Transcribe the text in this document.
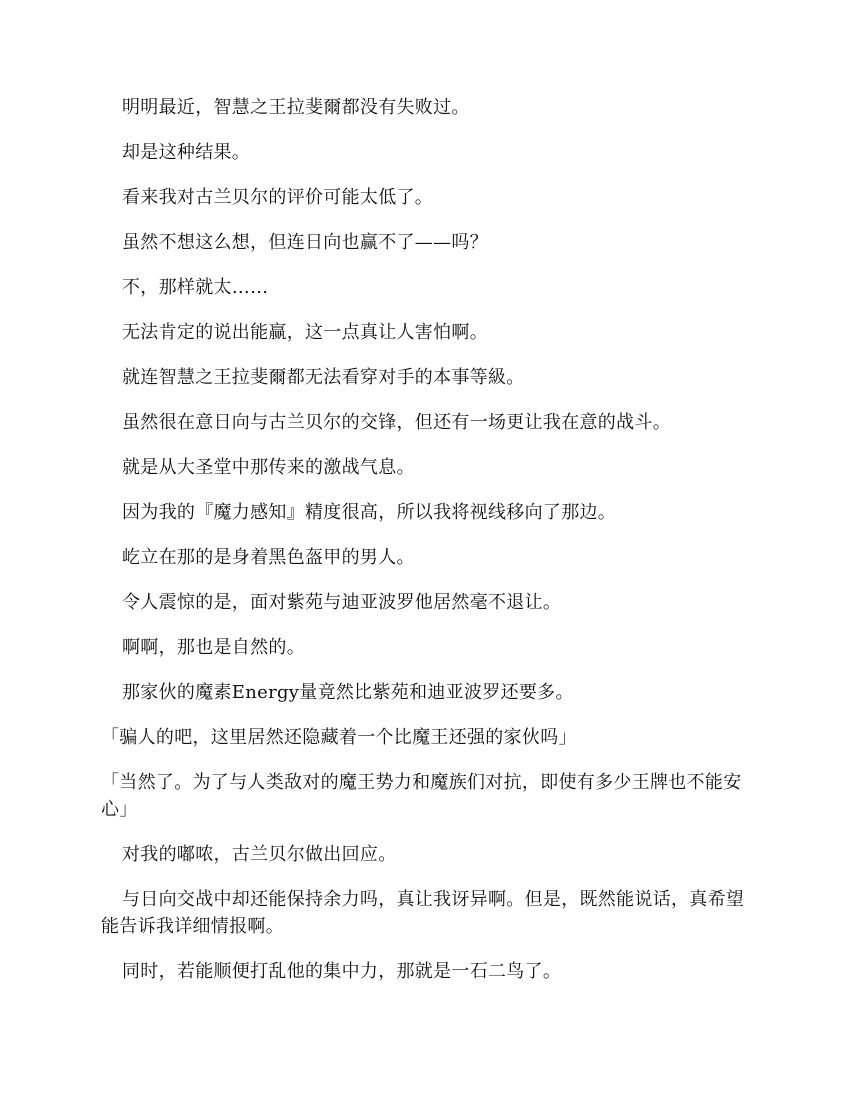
明明最近，智慧之王拉斐爾都没有失败过。

却是这种结果。

看来我对古兰贝尔的评价可能太低了。

虽然不想这么想，但连日向也赢不了——吗？

不，那样就太……

无法肯定的说出能赢，这一点真让人害怕啊。

就连智慧之王拉斐爾都无法看穿对手的本事等級。

虽然很在意日向与古兰贝尔的交锋，但还有一场更让我在意的战斗。

就是从大圣堂中那传来的激战气息。

因为我的『魔力感知』精度很高，所以我将视线移向了那边。

屹立在那的是身着黑色盔甲的男人。

令人震惊的是，面对紫苑与迪亚波罗他居然毫不退让。

啊啊，那也是自然的。

那家伙的魔素Energy量竟然比紫苑和迪亚波罗还要多。

「骗人的吧，这里居然还隐藏着一个比魔王还强的家伙吗」

「当然了。为了与人类敌对的魔王势力和魔族们对抗，即使有多少王牌也不能安心」

对我的嘟哝，古兰贝尔做出回应。

与日向交战中却还能保持余力吗，真让我讶异啊。但是，既然能说话，真希望能告诉我详细情报啊。

同时，若能顺便打乱他的集中力，那就是一石二鸟了。
